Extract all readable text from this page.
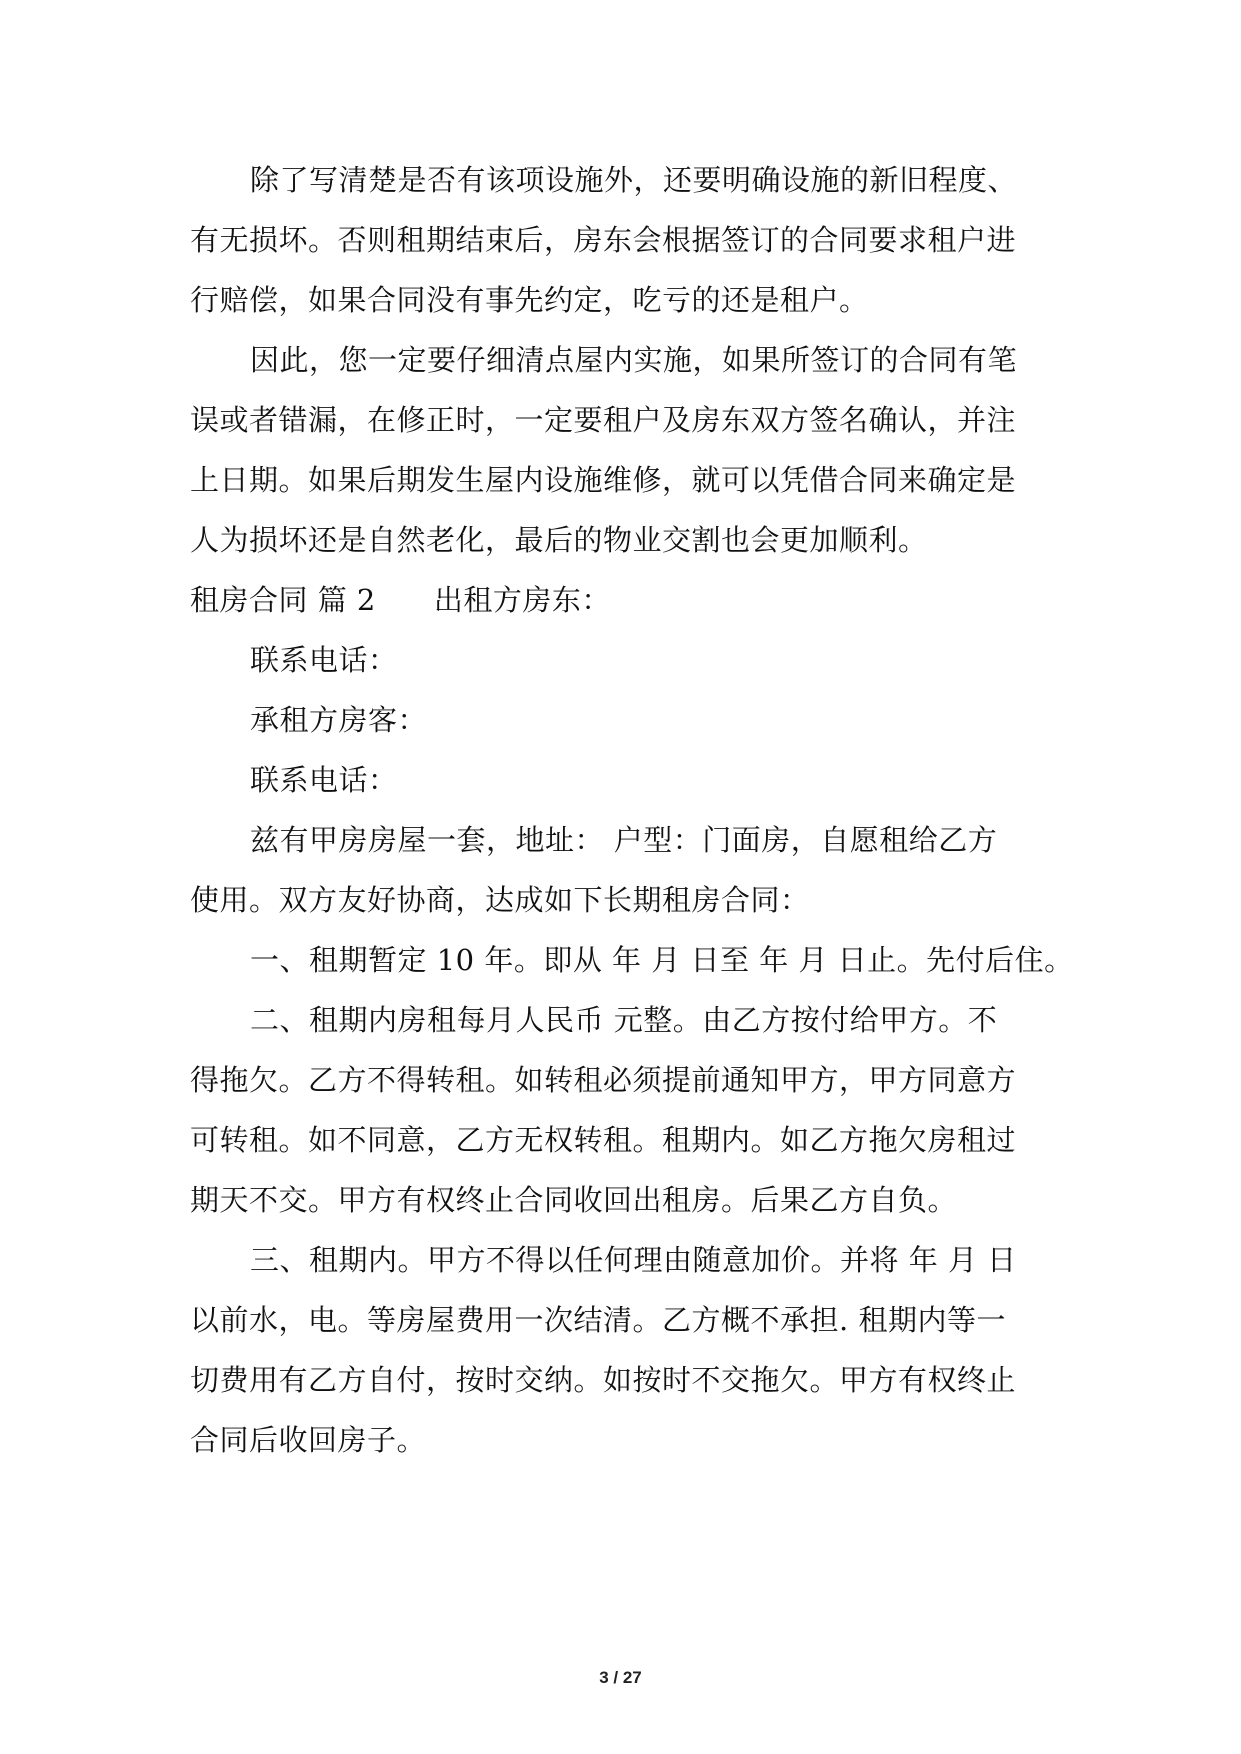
除了写清楚是否有该项设施外，还要明确设施的新旧程度、
有无损坏。否则租期结束后，房东会根据签订的合同要求租户进
行赔偿，如果合同没有事先约定，吃亏的还是租户。
因此，您一定要仔细清点屋内实施，如果所签订的合同有笔
误或者错漏，在修正时，一定要租户及房东双方签名确认，并注
上日期。如果后期发生屋内设施维修，就可以凭借合同来确定是
人为损坏还是自然老化，最后的物业交割也会更加顺利。
租房合同 篇 2 出租方房东：
联系电话：
承租方房客：
联系电话：
兹有甲房房屋一套，地址： 户型：门面房，自愿租给乙方
使用。双方友好协商，达成如下长期租房合同：
一、租期暂定 10 年。即从 年 月 日至 年 月 日止。先付后住。
二、租期内房租每月人民币 元整。由乙方按付给甲方。不
得拖欠。乙方不得转租。如转租必须提前通知甲方，甲方同意方
可转租。如不同意，乙方无权转租。租期内。如乙方拖欠房租过
期天不交。甲方有权终止合同收回出租房。后果乙方自负。
三、租期内。甲方不得以任何理由随意加价。并将 年 月 日
以前水，电。等房屋费用一次结清。乙方概不承担. 租期内等一
切费用有乙方自付，按时交纳。如按时不交拖欠。甲方有权终止
合同后收回房子。
3 / 27
